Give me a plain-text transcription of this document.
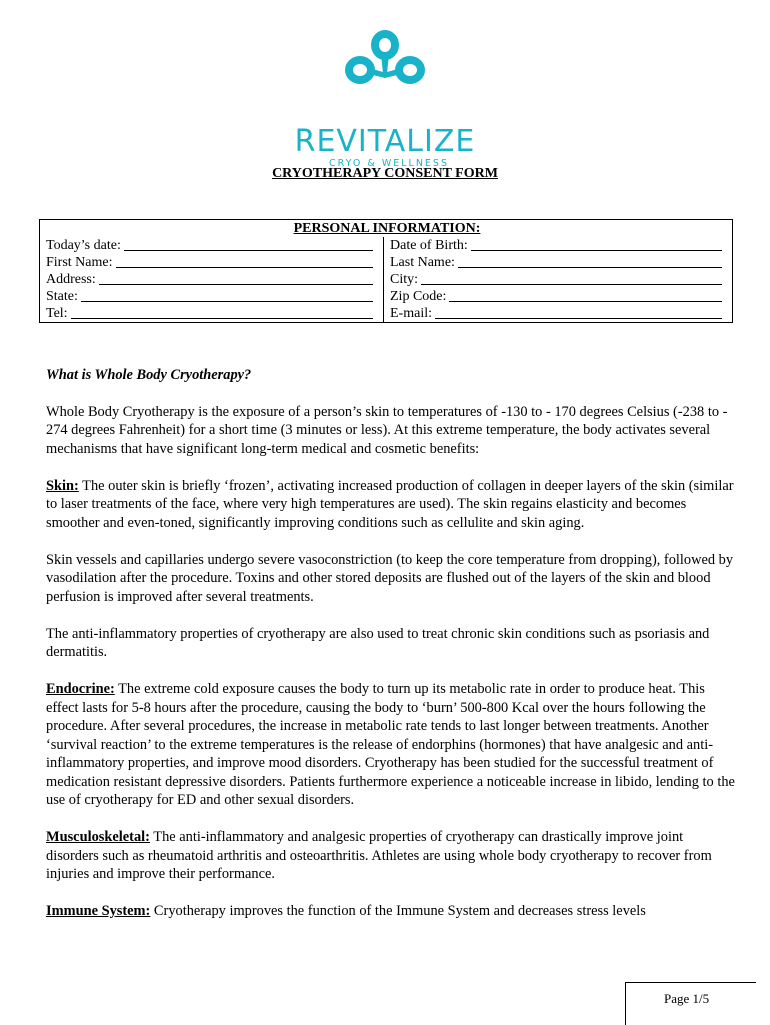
REVITALIZE
CRYO & WELLNESS
CRYOTHERAPY CONSENT FORM
PERSONAL INFORMATION:	

Today’s date:	Date of Birth:

First Name:	Last Name:

Address:	City:

State:	Zip Code:

Tel:	E-mail:

What is Whole Body Cryotherapy?

Whole Body Cryotherapy is the exposure of a person’s skin to temperatures of -130 to - 170 degrees Celsius (-238 to - 274 degrees Fahrenheit) for a short time (3 minutes or less). At this extreme temperature, the body activates several mechanisms that have significant long-term medical and cosmetic benefits:

Skin: The outer skin is briefly ‘frozen’, activating increased production of collagen in deeper layers of the skin (similar to laser treatments of the face, where very high temperatures are used). The skin regains elasticity and becomes smoother and even-toned, significantly improving conditions such as cellulite and skin aging.

Skin vessels and capillaries undergo severe vasoconstriction (to keep the core temperature from dropping), followed by vasodilation after the procedure. Toxins and other stored deposits are flushed out of the layers of the skin and blood perfusion is improved after several treatments.

The anti-inflammatory properties of cryotherapy are also used to treat chronic skin conditions such as psoriasis and dermatitis.

Endocrine: The extreme cold exposure causes the body to turn up its metabolic rate in order to produce heat. This effect lasts for 5-8 hours after the procedure, causing the body to ‘burn’ 500-800 Kcal over the hours following the procedure. After several procedures, the increase in metabolic rate tends to last longer between treatments. Another ‘survival reaction’ to the extreme temperatures is the release of endorphins (hormones) that have analgesic and anti-inflammatory properties, and improve mood disorders. Cryotherapy has been studied for the successful treatment of medication resistant depressive disorders. Patients furthermore experience a noticeable increase in libido, lending to the use of cryotherapy for ED and other sexual disorders.

Musculoskeletal: The anti-inflammatory and analgesic properties of cryotherapy can drastically improve joint disorders such as rheumatoid arthritis and osteoarthritis. Athletes are using whole body cryotherapy to recover from injuries and improve their performance.

Immune System: Cryotherapy improves the function of the Immune System and decreases stress levels

Page 1/5
